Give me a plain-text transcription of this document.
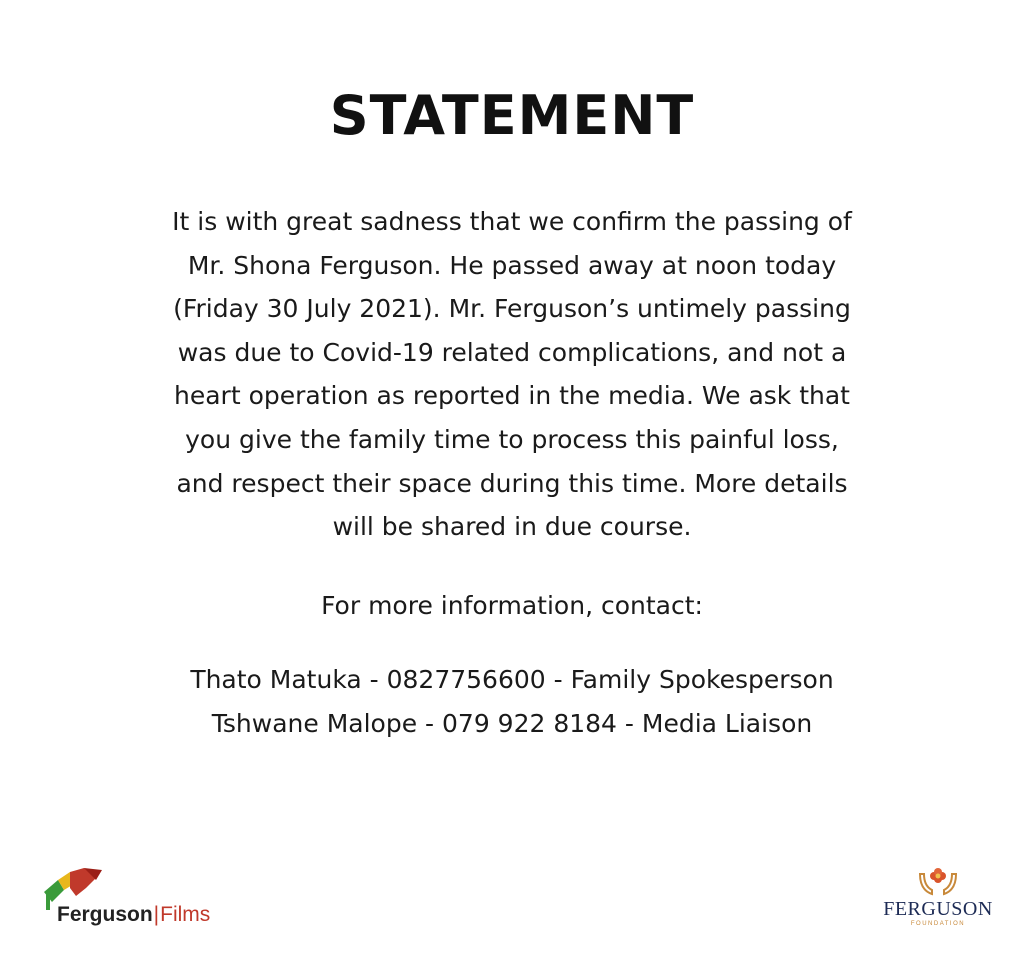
STATEMENT
It is with great sadness that we confirm the passing of
Mr. Shona Ferguson. He passed away at noon today
(Friday 30 July 2021). Mr. Ferguson’s untimely passing
was due to Covid-19 related complications, and not a
heart operation as reported in the media. We ask that
you give the family time to process this painful loss,
and respect their space during this time. More details
will be shared in due course.
For more information, contact:
Thato Matuka - 0827756600 - Family Spokesperson
Tshwane Malope - 079 922 8184 - Media Liaison
Ferguson|Films	FERGUSON
FOUNDATION
